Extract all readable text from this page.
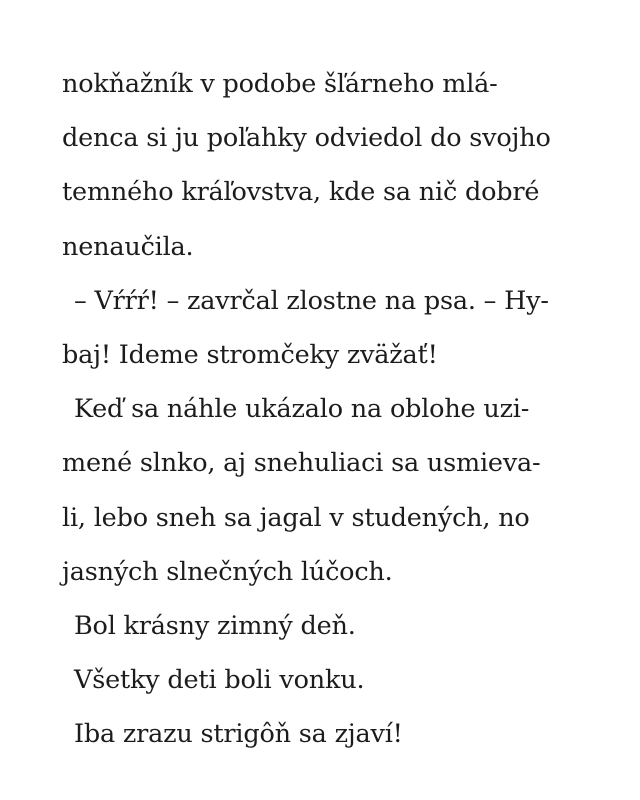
nokňažník v podobe šľárneho mlá-
denca si ju poľahky odviedol do svojho
temného kráľovstva, kde sa nič dobré
nenaučila.
– Vŕŕŕ! – zavrčal zlostne na psa. – Hy-
baj! Ideme stromčeky zväžať!
Keď sa náhle ukázalo na oblohe uzi-
mené slnko, aj snehuliaci sa usmieva-
li, lebo sneh sa jagal v studených, no
jasných slnečných lúčoch.
Bol krásny zimný deň.
Všetky deti boli vonku.
Iba zrazu strigôň sa zjaví!
